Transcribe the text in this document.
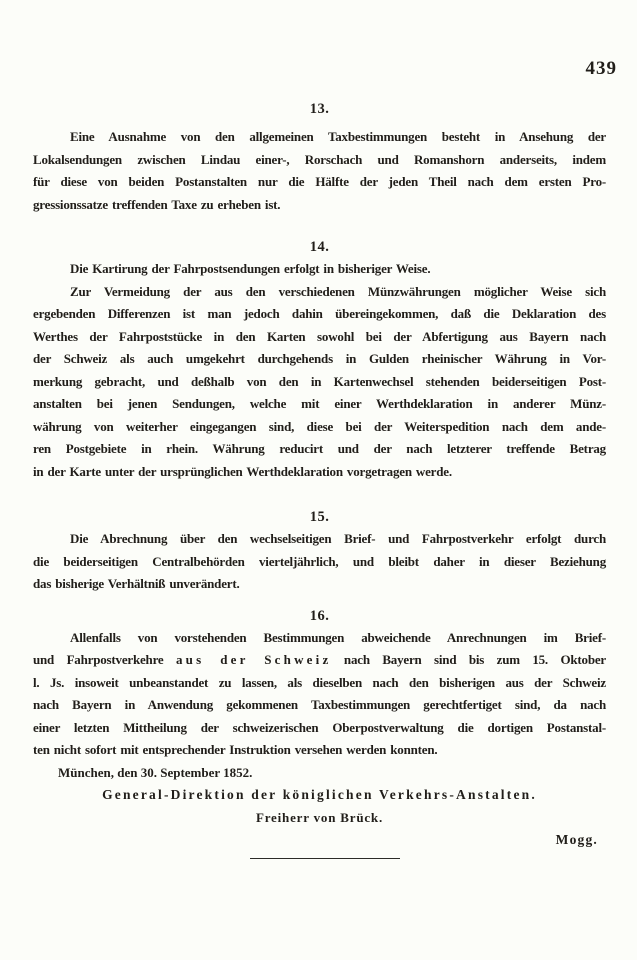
439
13.
Eine Ausnahme von den allgemeinen Taxbestimmungen besteht in Ansehung der
Lokalsendungen zwischen Lindau einer-, Rorschach und Romanshorn anderseits, indem
für diese von beiden Postanstalten nur die Hälfte der jeden Theil nach dem ersten Pro-
gressionssatze treffenden Taxe zu erheben ist.
14.
Die Kartirung der Fahrpostsendungen erfolgt in bisheriger Weise.
Zur Vermeidung der aus den verschiedenen Münzwährungen möglicher Weise sich
ergebenden Differenzen ist man jedoch dahin übereingekommen, daß die Deklaration des
Werthes der Fahrpoststücke in den Karten sowohl bei der Abfertigung aus Bayern nach
der Schweiz als auch umgekehrt durchgehends in Gulden rheinischer Währung in Vor-
merkung gebracht, und deßhalb von den in Kartenwechsel stehenden beiderseitigen Post-
anstalten bei jenen Sendungen, welche mit einer Werthdeklaration in anderer Münz-
währung von weiterher eingegangen sind, diese bei der Weiterspedition nach dem ande-
ren Postgebiete in rhein. Währung reducirt und der nach letzterer treffende Betrag
in der Karte unter der ursprünglichen Werthdeklaration vorgetragen werde.
15.
Die Abrechnung über den wechselseitigen Brief- und Fahrpostverkehr erfolgt durch
die beiderseitigen Centralbehörden vierteljährlich, und bleibt daher in dieser Beziehung
das bisherige Verhältniß unverändert.
16.
Allenfalls von vorstehenden Bestimmungen abweichende Anrechnungen im Brief-
und Fahrpostverkehre aus der Schweiz nach Bayern sind bis zum 15. Oktober
l. Js. insoweit unbeanstandet zu lassen, als dieselben nach den bisherigen aus der Schweiz
nach Bayern in Anwendung gekommenen Taxbestimmungen gerechtfertiget sind, da nach
einer letzten Mittheilung der schweizerischen Oberpostverwaltung die dortigen Postanstal-
ten nicht sofort mit entsprechender Instruktion versehen werden konnten.
München, den 30. September 1852.
General-Direktion der königlichen Verkehrs-Anstalten.
Freiherr von Brück.
Mogg.
